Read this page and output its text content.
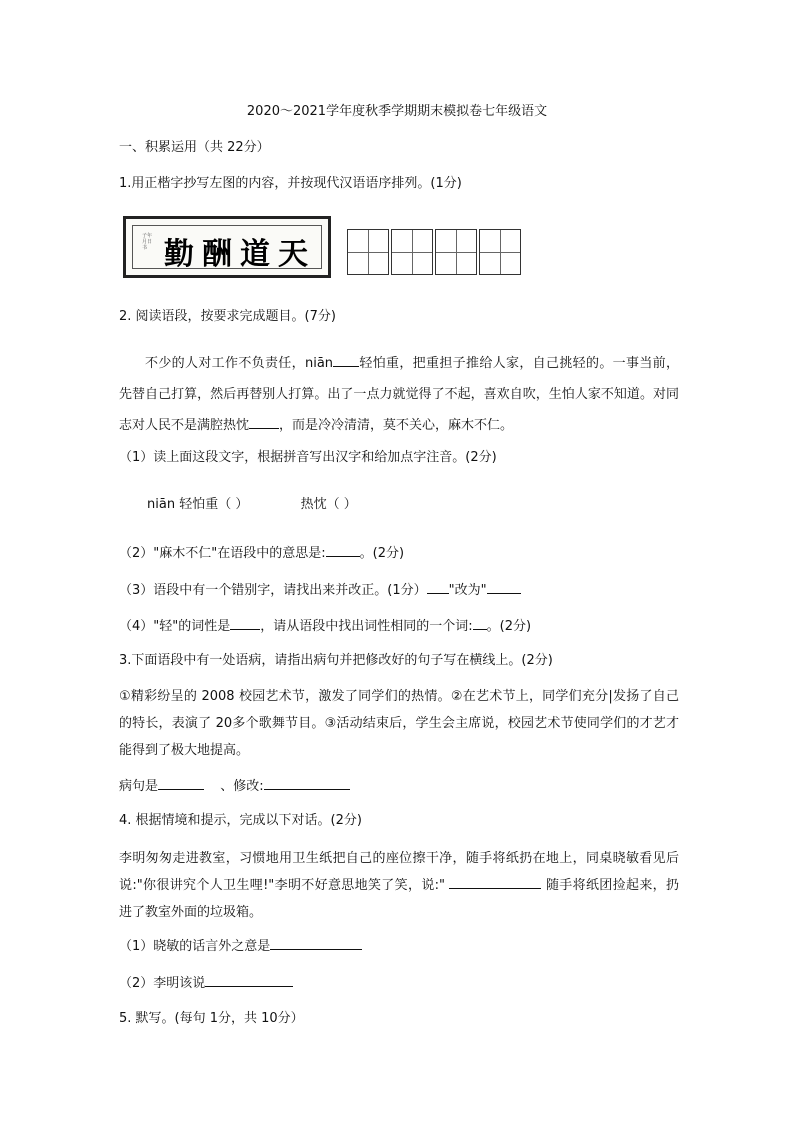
2020～2021学年度秋季学期期末模拟卷七年级语文
一、积累运用（共 22分）
1.用正楷字抄写左图的内容，并按现代汉语语序排列。(1分)
子年月日书 勤酬道天
2. 阅读语段，按要求完成题目。(7分)
不少的人对工作不负责任，niān 轻怕重，把重担子推给人家，自己挑轻的。一事当前，先替自己打算，然后再替别人打算。出了一点力就觉得了不起，喜欢自吹，生怕人家不知道。对同志对人民不是满腔热忱 ，而是冷冷清清，莫不关心，麻木不仁。
（1）读上面这段文字，根据拼音写出汉字和给加点字注音。(2分)
niān 轻怕重（ ）	热忱（ ）
（2）"麻木不仁"在语段中的意思是:	。(2分)
（3）语段中有一个错别字，请找出来并改正。(1分） "改为"
（4）"轻"的词性是 ，请从语段中找出词性相同的一个词: 。(2分)
3.下面语段中有一处语病，请指出病句并把修改好的句子写在横线上。(2分)
①精彩纷呈的 2008 校园艺术节，激发了同学们的热情。②在艺术节上，同学们充分|发扬了自己的特长，表演了 20多个歌舞节目。③活动结束后，学生会主席说，校园艺术节使同学们的才艺才能得到了极大地提高。
病句是	、修改:
4. 根据情境和提示，完成以下对话。(2分)
李明匆匆走进教室，习惯地用卫生纸把自己的座位擦干净，随手将纸扔在地上，同桌晓敏看见后说:"你很讲究个人卫生哩!"李明不好意思地笑了笑，说:"	随手将纸团捡起来，扔进了教室外面的垃圾箱。
（1）晓敏的话言外之意是
（2）李明该说
5. 默写。(每句 1分，共 10分）
